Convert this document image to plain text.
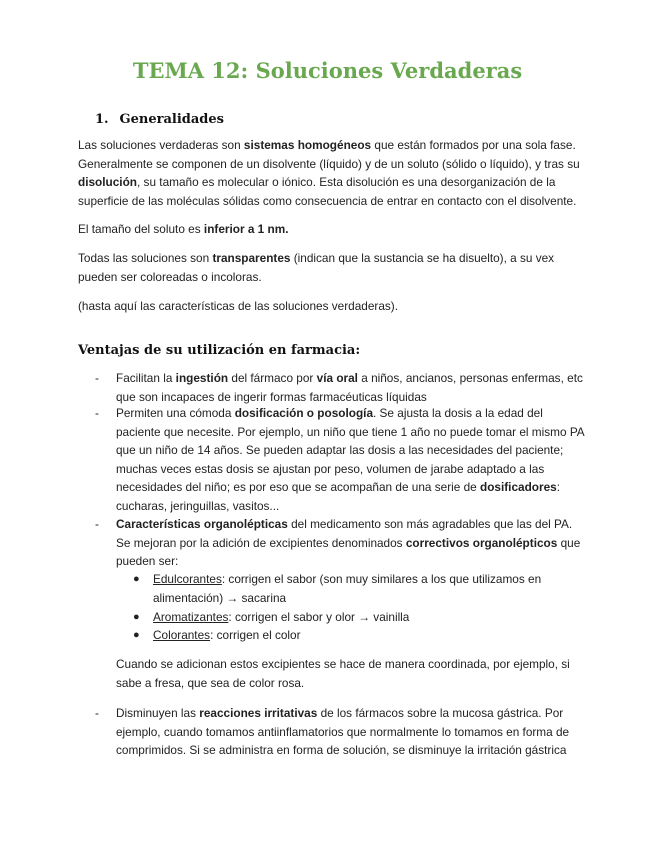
TEMA 12: Soluciones Verdaderas
1. Generalidades
Las soluciones verdaderas son sistemas homogéneos que están formados por una sola fase. Generalmente se componen de un disolvente (líquido) y de un soluto (sólido o líquido), y tras su disolución, su tamaño es molecular o iónico. Esta disolución es una desorganización de la superficie de las moléculas sólidas como consecuencia de entrar en contacto con el disolvente.
El tamaño del soluto es inferior a 1 nm.
Todas las soluciones son transparentes (indican que la sustancia se ha disuelto), a su vex pueden ser coloreadas o incoloras.
(hasta aquí las características de las soluciones verdaderas).
Ventajas de su utilización en farmacia:
- Facilitan la ingestión del fármaco por vía oral a niños, ancianos, personas enfermas, etc que son incapaces de ingerir formas farmacéuticas líquidas
- Permiten una cómoda dosificación o posología. Se ajusta la dosis a la edad del paciente que necesite. Por ejemplo, un niño que tiene 1 año no puede tomar el mismo PA que un niño de 14 años. Se pueden adaptar las dosis a las necesidades del paciente; muchas veces estas dosis se ajustan por peso, volumen de jarabe adaptado a las necesidades del niño; es por eso que se acompañan de una serie de dosificadores: cucharas, jeringuillas, vasitos...
- Características organolépticas del medicamento son más agradables que las del PA. Se mejoran por la adición de excipientes denominados correctivos organolépticos que pueden ser:
● Edulcorantes: corrigen el sabor (son muy similares a los que utilizamos en alimentación) → sacarina
● Aromatizantes: corrigen el sabor y olor → vainilla
● Colorantes: corrigen el color
Cuando se adicionan estos excipientes se hace de manera coordinada, por ejemplo, si sabe a fresa, que sea de color rosa.
- Disminuyen las reacciones irritativas de los fármacos sobre la mucosa gástrica. Por ejemplo, cuando tomamos antiinflamatorios que normalmente lo tomamos en forma de comprimidos. Si se administra en forma de solución, se disminuye la irritación gástrica
